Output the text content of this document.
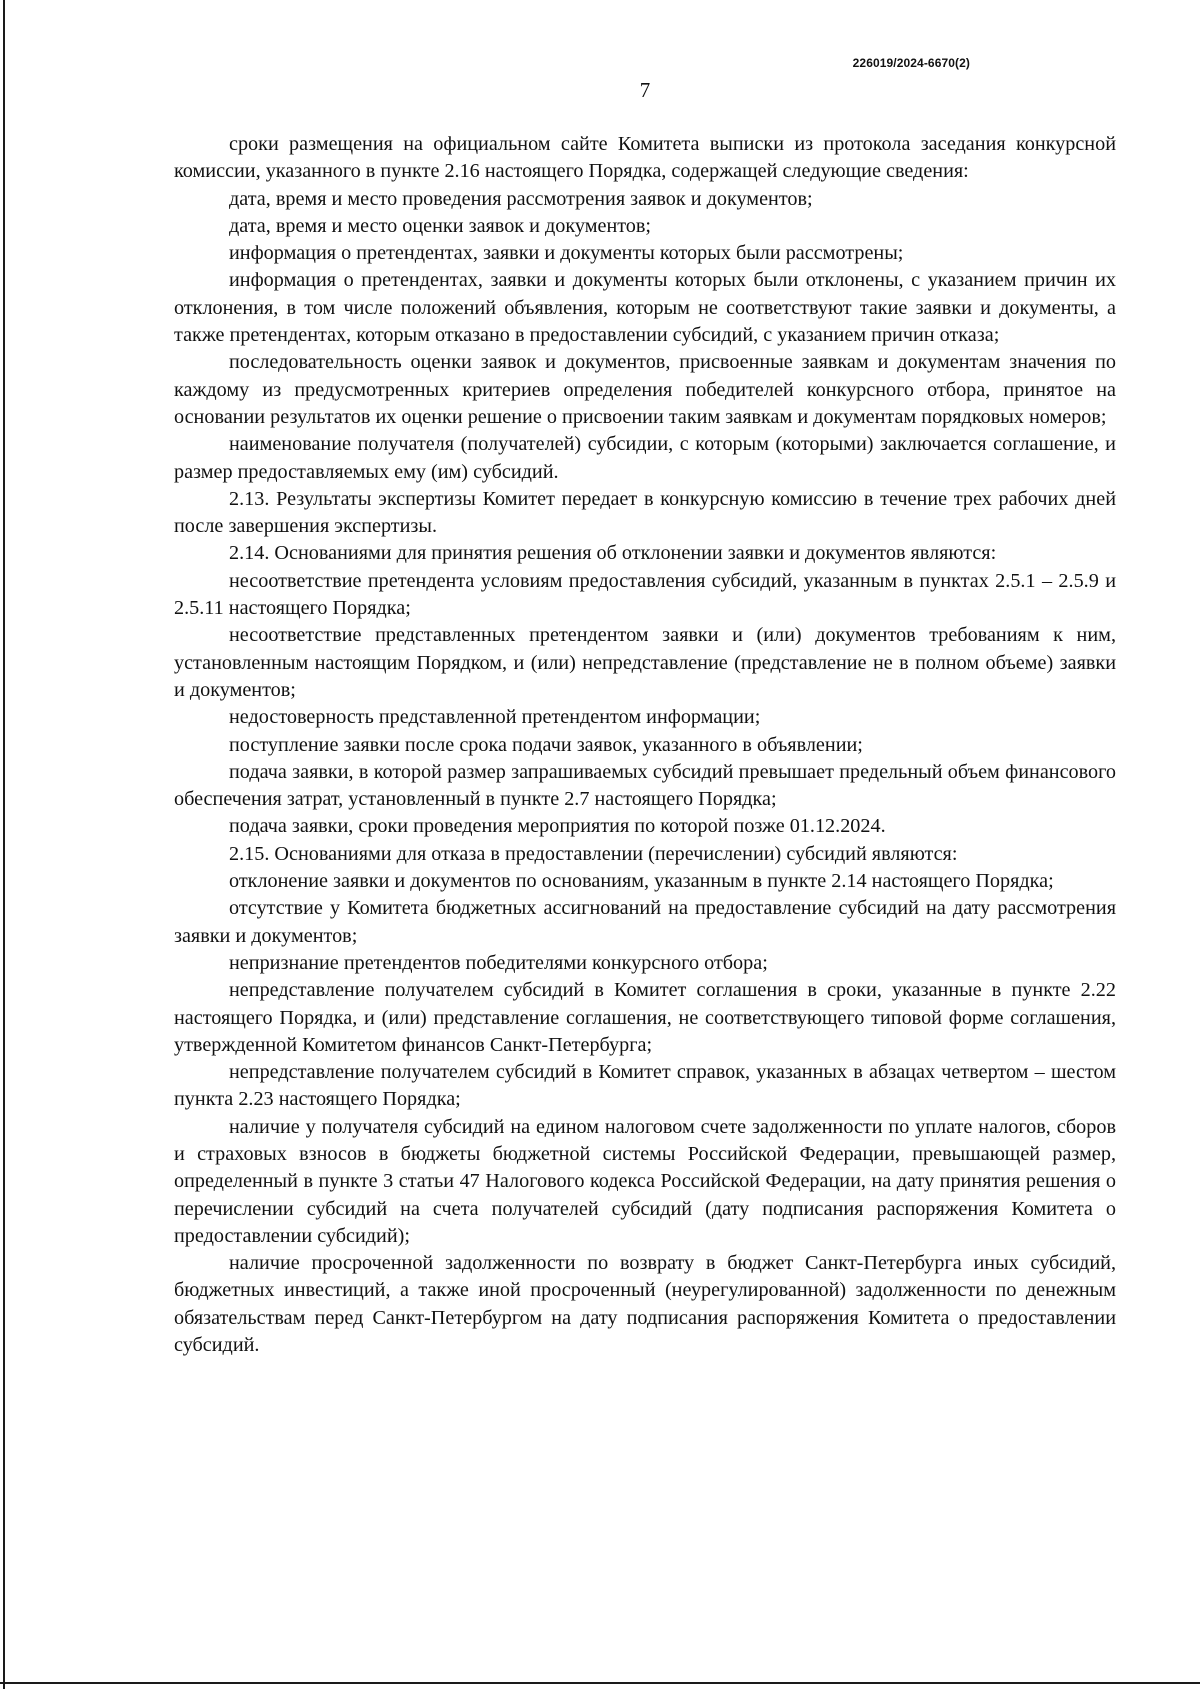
226019/2024-6670(2)
7

сроки размещения на официальном сайте Комитета выписки из протокола заседания конкурсной комиссии, указанного в пункте 2.16 настоящего Порядка, содержащей следующие сведения:

дата, время и место проведения рассмотрения заявок и документов;

дата, время и место оценки заявок и документов;

информация о претендентах, заявки и документы которых были рассмотрены;

информация о претендентах, заявки и документы которых были отклонены, с указанием причин их отклонения, в том числе положений объявления, которым не соответствуют такие заявки и документы, а также претендентах, которым отказано в предоставлении субсидий, с указанием причин отказа;

последовательность оценки заявок и документов, присвоенные заявкам и документам значения по каждому из предусмотренных критериев определения победителей конкурсного отбора, принятое на основании результатов их оценки решение о присвоении таким заявкам и документам порядковых номеров;

наименование получателя (получателей) субсидии, с которым (которыми) заключается соглашение, и размер предоставляемых ему (им) субсидий.

2.13. Результаты экспертизы Комитет передает в конкурсную комиссию в течение трех рабочих дней после завершения экспертизы.

2.14. Основаниями для принятия решения об отклонении заявки и документов являются:

несоответствие претендента условиям предоставления субсидий, указанным в пунктах 2.5.1 – 2.5.9 и 2.5.11 настоящего Порядка;

несоответствие представленных претендентом заявки и (или) документов требованиям к ним, установленным настоящим Порядком, и (или) непредставление (представление не в полном объеме) заявки и документов;

недостоверность представленной претендентом информации;

поступление заявки после срока подачи заявок, указанного в объявлении;

подача заявки, в которой размер запрашиваемых субсидий превышает предельный объем финансового обеспечения затрат, установленный в пункте 2.7 настоящего Порядка;

подача заявки, сроки проведения мероприятия по которой позже 01.12.2024.

2.15. Основаниями для отказа в предоставлении (перечислении) субсидий являются:

отклонение заявки и документов по основаниям, указанным в пункте 2.14 настоящего Порядка;

отсутствие у Комитета бюджетных ассигнований на предоставление субсидий на дату рассмотрения заявки и документов;

непризнание претендентов победителями конкурсного отбора;

непредставление получателем субсидий в Комитет соглашения в сроки, указанные в пункте 2.22 настоящего Порядка, и (или) представление соглашения, не соответствующего типовой форме соглашения, утвержденной Комитетом финансов Санкт-Петербурга;

непредставление получателем субсидий в Комитет справок, указанных в абзацах четвертом – шестом пункта 2.23 настоящего Порядка;

наличие у получателя субсидий на едином налоговом счете задолженности по уплате налогов, сборов и страховых взносов в бюджеты бюджетной системы Российской Федерации, превышающей размер, определенный в пункте 3 статьи 47 Налогового кодекса Российской Федерации, на дату принятия решения о перечислении субсидий на счета получателей субсидий (дату подписания распоряжения Комитета о предоставлении субсидий);

наличие просроченной задолженности по возврату в бюджет Санкт-Петербурга иных субсидий, бюджетных инвестиций, а также иной просроченный (неурегулированной) задолженности по денежным обязательствам перед Санкт-Петербургом на дату подписания распоряжения Комитета о предоставлении субсидий.
